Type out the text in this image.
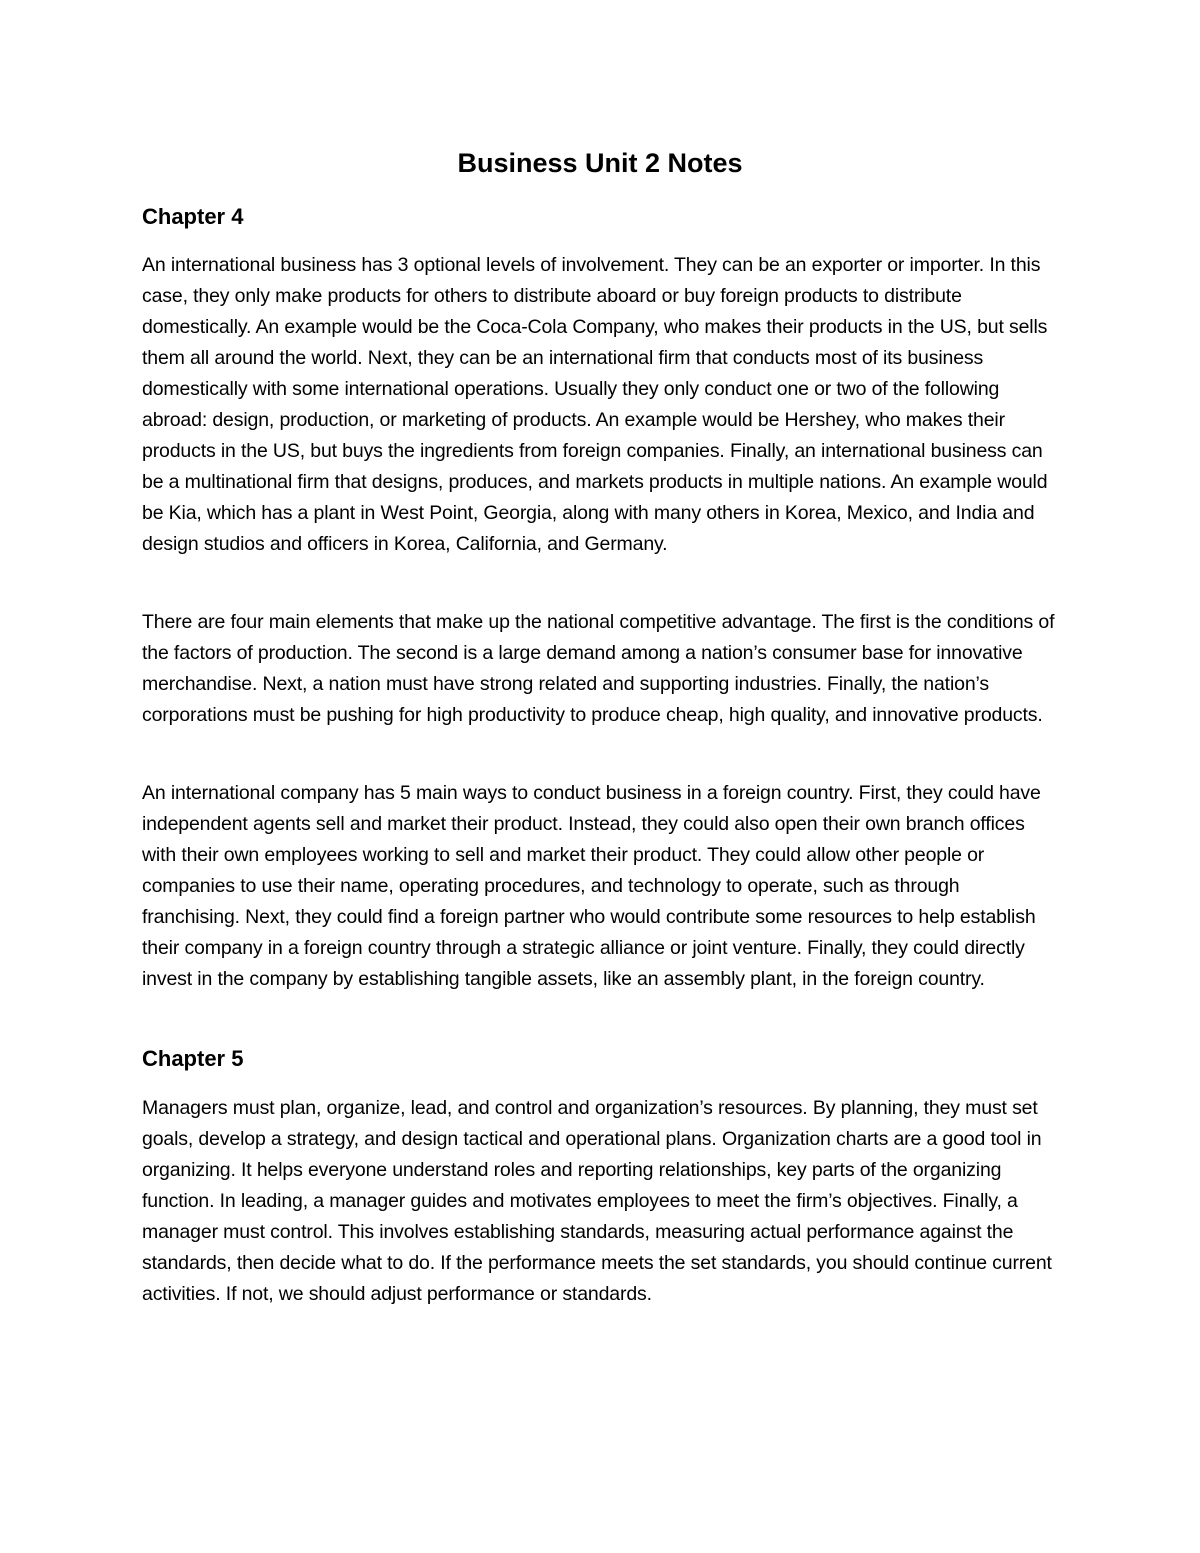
Business Unit 2 Notes
Chapter 4

An international business has 3 optional levels of involvement. They can be an exporter or importer. In this case, they only make products for others to distribute aboard or buy foreign products to distribute domestically. An example would be the Coca-Cola Company, who makes their products in the US, but sells them all around the world. Next, they can be an international firm that conducts most of its business domestically with some international operations. Usually they only conduct one or two of the following abroad: design, production, or marketing of products. An example would be Hershey, who makes their products in the US, but buys the ingredients from foreign companies. Finally, an international business can be a multinational firm that designs, produces, and markets products in multiple nations. An example would be Kia, which has a plant in West Point, Georgia, along with many others in Korea, Mexico, and India and design studios and officers in Korea, California, and Germany.

There are four main elements that make up the national competitive advantage. The first is the conditions of the factors of production. The second is a large demand among a nation’s consumer base for innovative merchandise. Next, a nation must have strong related and supporting industries. Finally, the nation’s corporations must be pushing for high productivity to produce cheap, high quality, and innovative products.

An international company has 5 main ways to conduct business in a foreign country. First, they could have independent agents sell and market their product. Instead, they could also open their own branch offices with their own employees working to sell and market their product. They could allow other people or companies to use their name, operating procedures, and technology to operate, such as through franchising. Next, they could find a foreign partner who would contribute some resources to help establish their company in a foreign country through a strategic alliance or joint venture. Finally, they could directly invest in the company by establishing tangible assets, like an assembly plant, in the foreign country.

Chapter 5

Managers must plan, organize, lead, and control and organization’s resources. By planning, they must set goals, develop a strategy, and design tactical and operational plans. Organization charts are a good tool in organizing. It helps everyone understand roles and reporting relationships, key parts of the organizing function. In leading, a manager guides and motivates employees to meet the firm’s objectives. Finally, a manager must control. This involves establishing standards, measuring actual performance against the standards, then decide what to do. If the performance meets the set standards, you should continue current activities. If not, we should adjust performance or standards.
